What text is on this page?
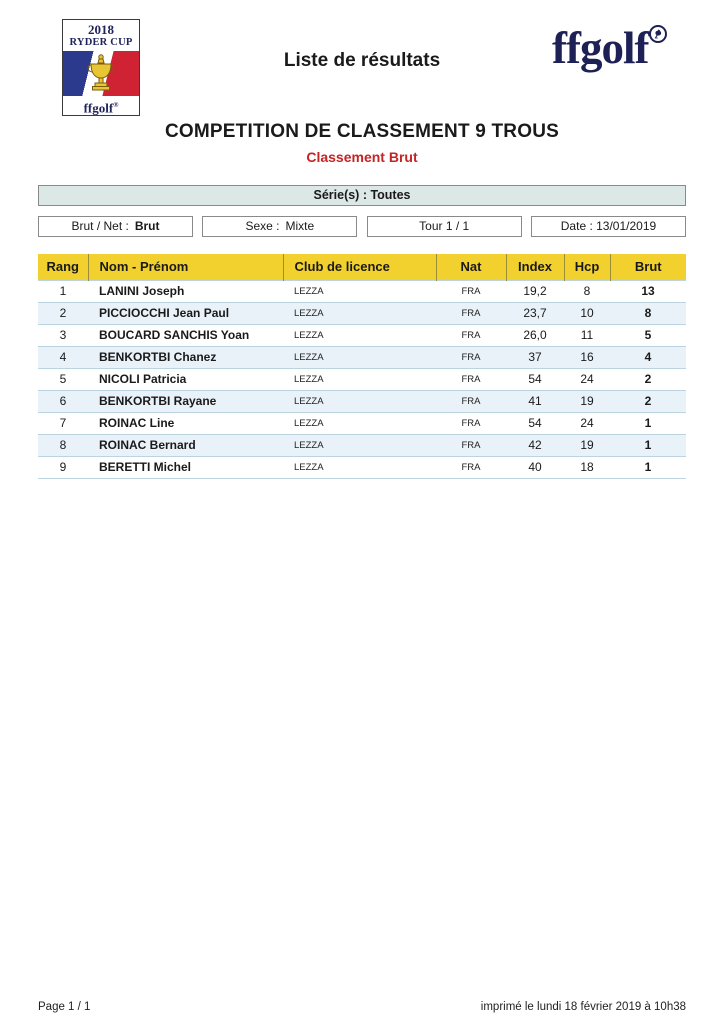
2018
RYDER CUP
ffgolf®
Liste de résultats	ffgolf
COMPETITION DE CLASSEMENT 9 TROUS
Classement Brut
Série(s) : Toutes
Brut / Net : Brut	Sexe : Mixte	Tour 1 / 1	Date : 13/01/2019
Rang	Nom - Prénom	Club de licence	Nat	Index	Hcp	Brut
1	LANINI Joseph	LEZZA	FRA	19,2	8	13
2	PICCIOCCHI Jean Paul	LEZZA	FRA	23,7	10	8
3	BOUCARD SANCHIS Yoan	LEZZA	FRA	26,0	11	5
4	BENKORTBI Chanez	LEZZA	FRA	37	16	4
5	NICOLI Patricia	LEZZA	FRA	54	24	2
6	BENKORTBI Rayane	LEZZA	FRA	41	19	2
7	ROINAC Line	LEZZA	FRA	54	24	1
8	ROINAC Bernard	LEZZA	FRA	42	19	1
9	BERETTI Michel	LEZZA	FRA	40	18	1
Page 1 / 1	imprimé le lundi 18 février 2019 à 10h38
